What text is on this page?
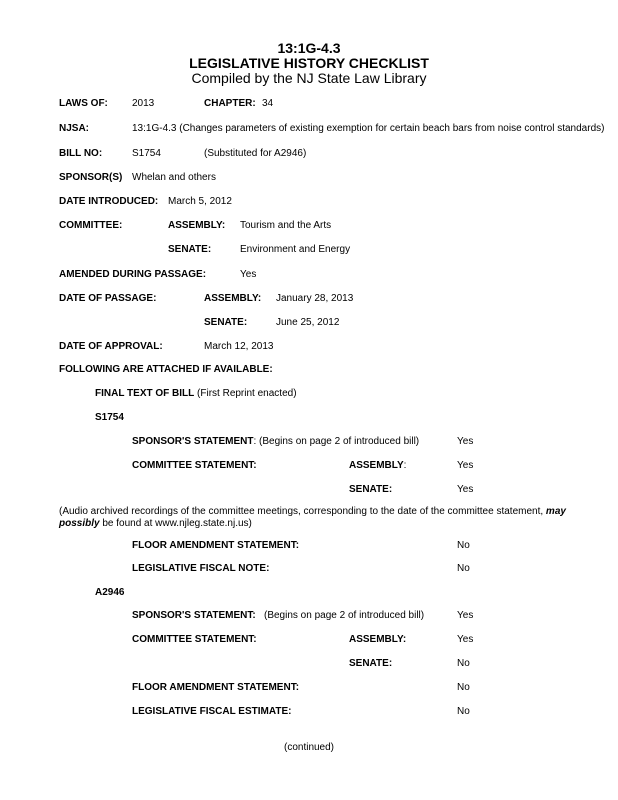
13:1G-4.3
LEGISLATIVE HISTORY CHECKLIST
Compiled by the NJ State Law Library
LAWS OF: 2013	CHAPTER: 34
NJSA:	13:1G-4.3 (Changes parameters of existing exemption for certain beach bars from noise control standards)
BILL NO:	S1754	(Substituted for A2946)
SPONSOR(S) Whelan and others
DATE INTRODUCED: March 5, 2012
COMMITTEE:	ASSEMBLY: Tourism and the Arts
SENATE:	Environment and Energy
AMENDED DURING PASSAGE:	Yes
DATE OF PASSAGE:	ASSEMBLY: January 28, 2013
SENATE:	June 25, 2012
DATE OF APPROVAL:	March 12, 2013
FOLLOWING ARE ATTACHED IF AVAILABLE:
FINAL TEXT OF BILL (First Reprint enacted)
S1754
SPONSOR'S STATEMENT: (Begins on page 2 of introduced bill)	Yes
COMMITTEE STATEMENT:	ASSEMBLY:	Yes
SENATE:	Yes
(Audio archived recordings of the committee meetings, corresponding to the date of the committee statement, may possibly be found at www.njleg.state.nj.us)
FLOOR AMENDMENT STATEMENT:	No
LEGISLATIVE FISCAL NOTE:	No
A2946
SPONSOR'S STATEMENT: (Begins on page 2 of introduced bill)	Yes
COMMITTEE STATEMENT:	ASSEMBLY:	Yes
SENATE:	No
FLOOR AMENDMENT STATEMENT:	No
LEGISLATIVE FISCAL ESTIMATE:	No
(continued)
